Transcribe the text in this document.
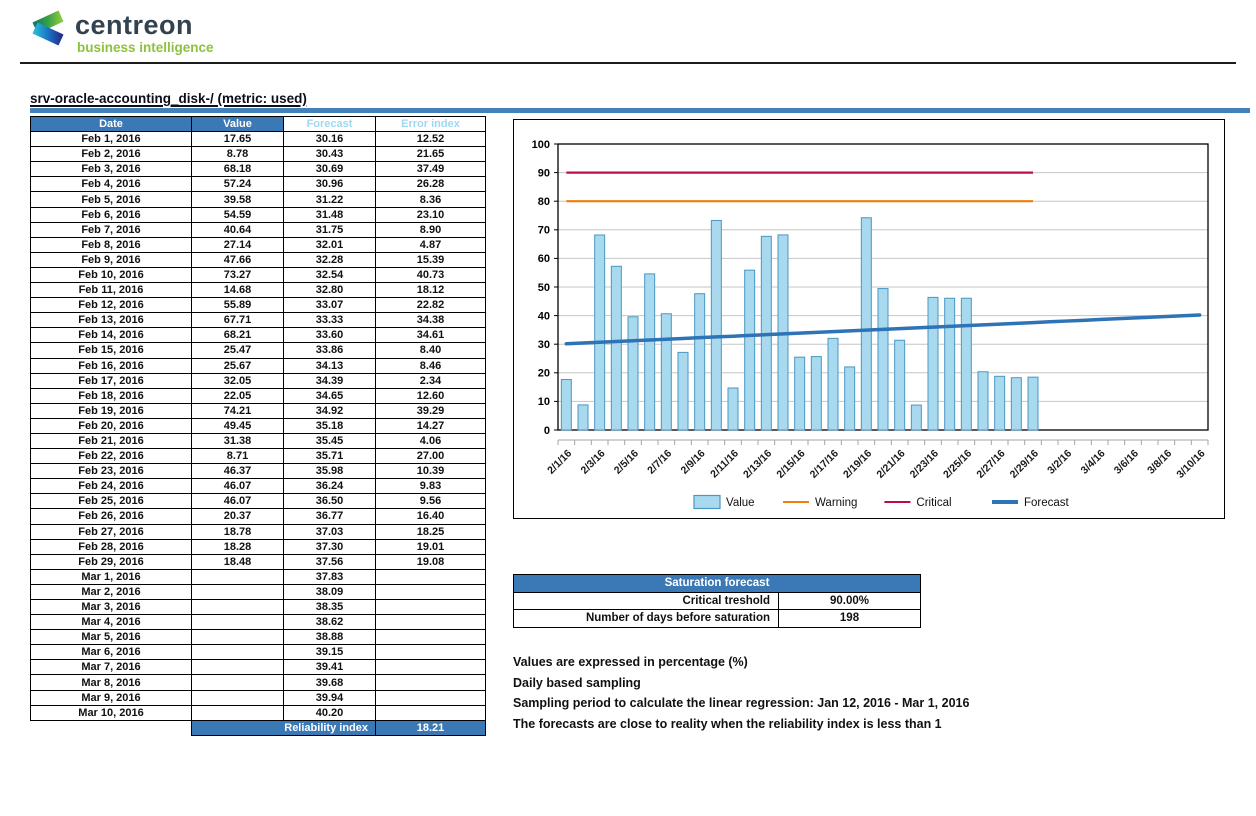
centreon
business intelligence
srv-oracle-accounting_disk-/ (metric: used)
Date	Value	Forecast	Error index
Feb 1, 2016	17.65	30.16	12.52
Feb 2, 2016	8.78	30.43	21.65
Feb 3, 2016	68.18	30.69	37.49
Feb 4, 2016	57.24	30.96	26.28
Feb 5, 2016	39.58	31.22	8.36
Feb 6, 2016	54.59	31.48	23.10
Feb 7, 2016	40.64	31.75	8.90
Feb 8, 2016	27.14	32.01	4.87
Feb 9, 2016	47.66	32.28	15.39
Feb 10, 2016	73.27	32.54	40.73
Feb 11, 2016	14.68	32.80	18.12
Feb 12, 2016	55.89	33.07	22.82
Feb 13, 2016	67.71	33.33	34.38
Feb 14, 2016	68.21	33.60	34.61
Feb 15, 2016	25.47	33.86	8.40
Feb 16, 2016	25.67	34.13	8.46
Feb 17, 2016	32.05	34.39	2.34
Feb 18, 2016	22.05	34.65	12.60
Feb 19, 2016	74.21	34.92	39.29
Feb 20, 2016	49.45	35.18	14.27
Feb 21, 2016	31.38	35.45	4.06
Feb 22, 2016	8.71	35.71	27.00
Feb 23, 2016	46.37	35.98	10.39
Feb 24, 2016	46.07	36.24	9.83
Feb 25, 2016	46.07	36.50	9.56
Feb 26, 2016	20.37	36.77	16.40
Feb 27, 2016	18.78	37.03	18.25
Feb 28, 2016	18.28	37.30	19.01
Feb 29, 2016	18.48	37.56	19.08
Mar 1, 2016		37.83	
Mar 2, 2016		38.09	
Mar 3, 2016		38.35	
Mar 4, 2016		38.62	
Mar 5, 2016		38.88	
Mar 6, 2016		39.15	
Mar 7, 2016		39.41	
Mar 8, 2016		39.68	
Mar 9, 2016		39.94	
Mar 10, 2016		40.20	
	Reliability index		18.21
0
10
20
30
40
50
60
70
80
90
100
2/1/16 2/3/16 2/5/16 2/7/16 2/9/16 2/11/16 2/13/16 2/15/16 2/17/16 2/19/16 2/21/16 2/23/16 2/25/16 2/27/16 2/29/16 3/2/16 3/4/16 3/6/16 3/8/16 3/10/16
Value	Warning	Critical	Forecast
Saturation forecast	
Critical treshold	90.00%
Number of days before saturation	198
Values are expressed in percentage (%)
Daily based sampling
Sampling period to calculate the linear regression: Jan 12, 2016 - Mar 1, 2016
The forecasts are close to reality when the reliability index is less than 1
